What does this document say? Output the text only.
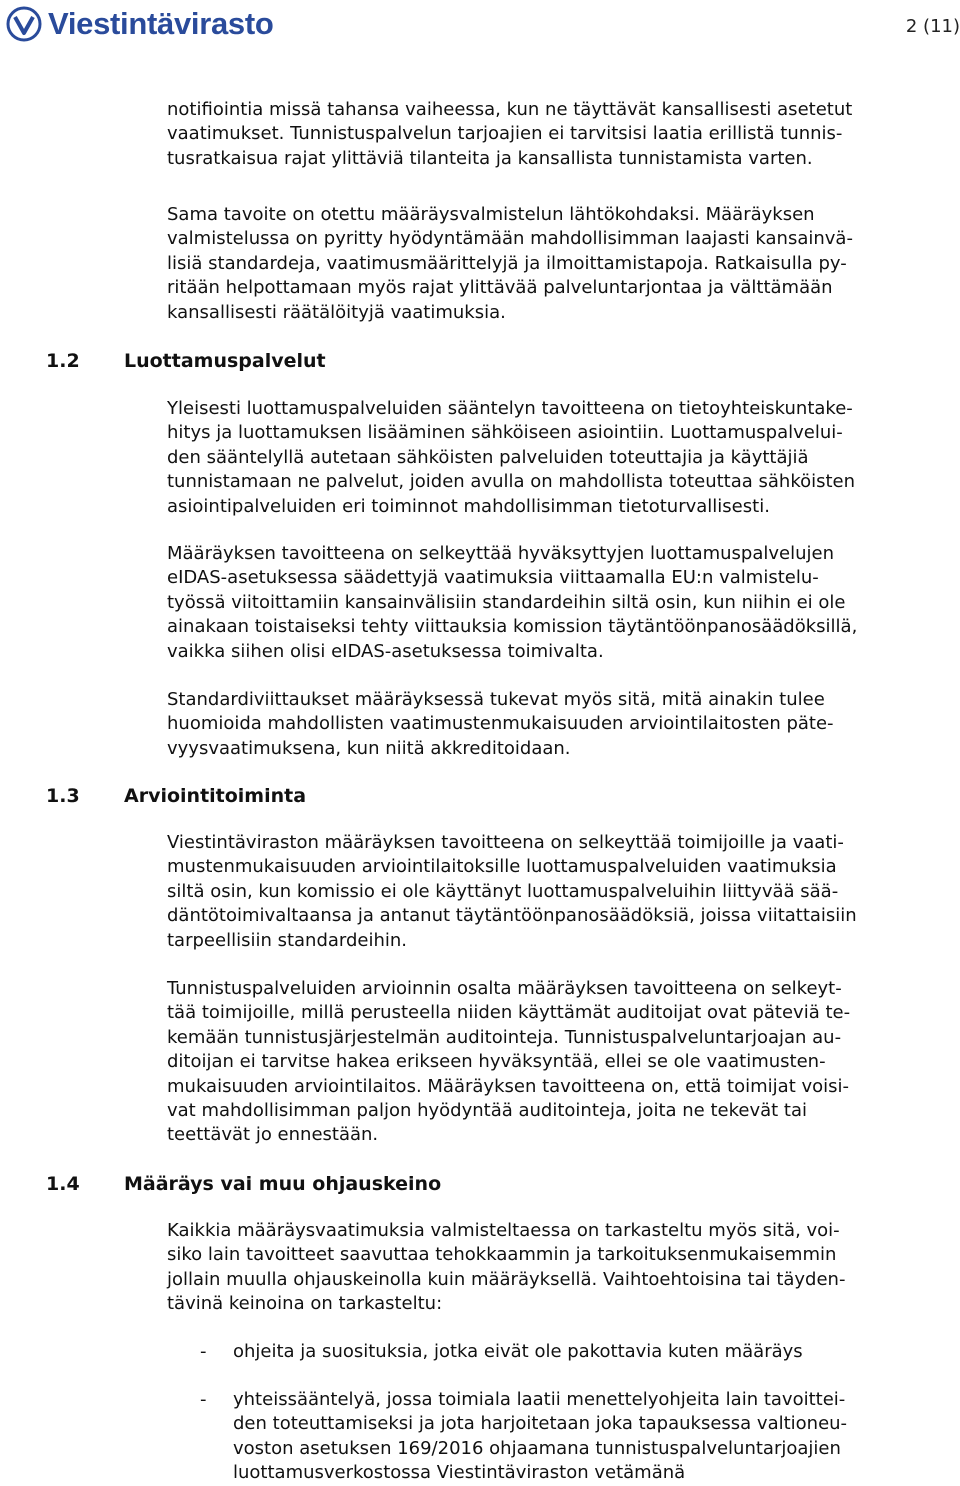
Viestintävirasto	2 (11)
notifiointia missä tahansa vaiheessa, kun ne täyttävät kansallisesti asetetut
vaatimukset. Tunnistuspalvelun tarjoajien ei tarvitsisi laatia erillistä tunnis-
tusratkaisua rajat ylittäviä tilanteita ja kansallista tunnistamista varten.
Sama tavoite on otettu määräysvalmistelun lähtökohdaksi. Määräyksen
valmistelussa on pyritty hyödyntämään mahdollisimman laajasti kansainvä-
lisiä standardeja, vaatimusmäärittelyjä ja ilmoittamistapoja. Ratkaisulla py-
ritään helpottamaan myös rajat ylittävää palveluntarjontaa ja välttämään
kansallisesti räätälöityjä vaatimuksia.
1.2 Luottamuspalvelut
Yleisesti luottamuspalveluiden sääntelyn tavoitteena on tietoyhteiskuntake-
hitys ja luottamuksen lisääminen sähköiseen asiointiin. Luottamuspalvelui-
den sääntelyllä autetaan sähköisten palveluiden toteuttajia ja käyttäjiä
tunnistamaan ne palvelut, joiden avulla on mahdollista toteuttaa sähköisten
asiointipalveluiden eri toiminnot mahdollisimman tietoturvallisesti.
Määräyksen tavoitteena on selkeyttää hyväksyttyjen luottamuspalvelujen
eIDAS-asetuksessa säädettyjä vaatimuksia viittaamalla EU:n valmistelu-
työssä viitoittamiin kansainvälisiin standardeihin siltä osin, kun niihin ei ole
ainakaan toistaiseksi tehty viittauksia komission täytäntöönpanosäädöksillä,
vaikka siihen olisi eIDAS-asetuksessa toimivalta.
Standardiviittaukset määräyksessä tukevat myös sitä, mitä ainakin tulee
huomioida mahdollisten vaatimustenmukaisuuden arviointilaitosten päte-
vyysvaatimuksena, kun niitä akkreditoidaan.
1.3 Arviointitoiminta
Viestintäviraston määräyksen tavoitteena on selkeyttää toimijoille ja vaati-
mustenmukaisuuden arviointilaitoksille luottamuspalveluiden vaatimuksia
siltä osin, kun komissio ei ole käyttänyt luottamuspalveluihin liittyvää sää-
däntötoimivaltaansa ja antanut täytäntöönpanosäädöksiä, joissa viitattaisiin
tarpeellisiin standardeihin.
Tunnistuspalveluiden arvioinnin osalta määräyksen tavoitteena on selkeyt-
tää toimijoille, millä perusteella niiden käyttämät auditoijat ovat päteviä te-
kemään tunnistusjärjestelmän auditointeja. Tunnistuspalveluntarjoajan au-
ditoijan ei tarvitse hakea erikseen hyväksyntää, ellei se ole vaatimusten-
mukaisuuden arviointilaitos. Määräyksen tavoitteena on, että toimijat voisi-
vat mahdollisimman paljon hyödyntää auditointeja, joita ne tekevät tai
teettävät jo ennestään.
1.4 Määräys vai muu ohjauskeino
Kaikkia määräysvaatimuksia valmisteltaessa on tarkasteltu myös sitä, voi-
siko lain tavoitteet saavuttaa tehokkaammin ja tarkoituksenmukaisemmin
jollain muulla ohjauskeinolla kuin määräyksellä. Vaihtoehtoisina tai täyden-
tävinä keinoina on tarkasteltu:
- ohjeita ja suosituksia, jotka eivät ole pakottavia kuten määräys
- yhteissääntelyä, jossa toimiala laatii menettelyohjeita lain tavoittei-
den toteuttamiseksi ja jota harjoitetaan joka tapauksessa valtioneu-
voston asetuksen 169/2016 ohjaamana tunnistuspalveluntarjoajien
luottamusverkostossa Viestintäviraston vetämänä
